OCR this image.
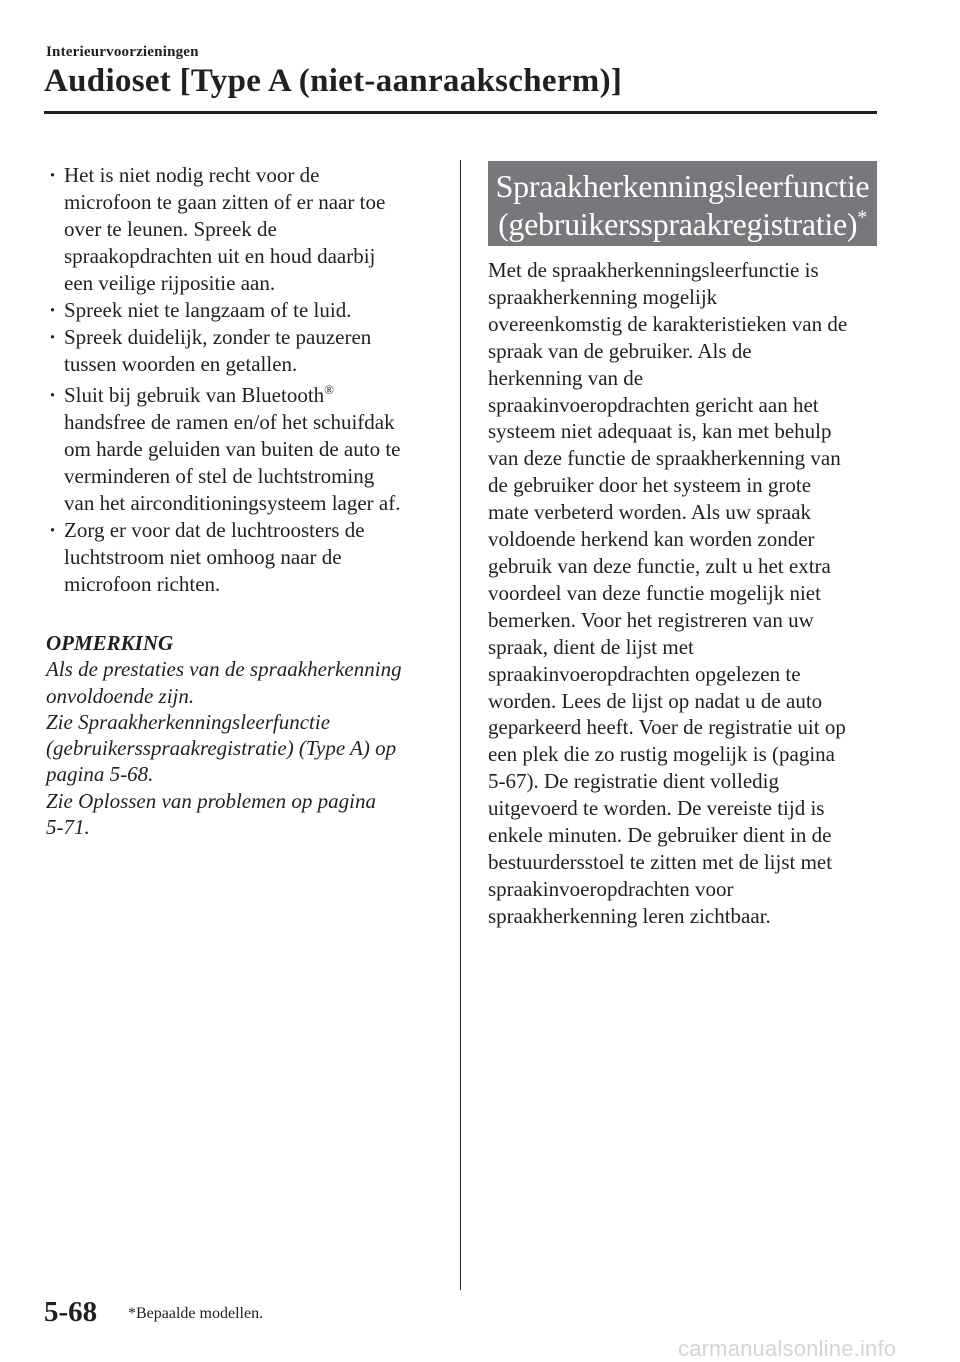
Interieurvoorzieningen
Audioset [Type A (niet-aanraakscherm)]
· Het is niet nodig recht voor de
microfoon te gaan zitten of er naar toe
over te leunen. Spreek de
spraakopdrachten uit en houd daarbij
een veilige rijpositie aan.
· Spreek niet te langzaam of te luid.
· Spreek duidelijk, zonder te pauzeren
tussen woorden en getallen.
· Sluit bij gebruik van Bluetooth®
handsfree de ramen en/of het schuifdak
om harde geluiden van buiten de auto te
verminderen of stel de luchtstroming
van het airconditioningsysteem lager af.
· Zorg er voor dat de luchtroosters de
luchtstroom niet omhoog naar de
microfoon richten.
OPMERKING
Als de prestaties van de spraakherkenning
onvoldoende zijn.
Zie Spraakherkenningsleerfunctie
(gebruikersspraakregistratie) (Type A) op
pagina 5-68.
Zie Oplossen van problemen op pagina
5-71.
Spraakherkenningsleerfunctie
(gebruikersspraakregistratie)*
Met de spraakherkenningsleerfunctie is
spraakherkenning mogelijk
overeenkomstig de karakteristieken van de
spraak van de gebruiker. Als de
herkenning van de
spraakinvoeropdrachten gericht aan het
systeem niet adequaat is, kan met behulp
van deze functie de spraakherkenning van
de gebruiker door het systeem in grote
mate verbeterd worden. Als uw spraak
voldoende herkend kan worden zonder
gebruik van deze functie, zult u het extra
voordeel van deze functie mogelijk niet
bemerken. Voor het registreren van uw
spraak, dient de lijst met
spraakinvoeropdrachten opgelezen te
worden. Lees de lijst op nadat u de auto
geparkeerd heeft. Voer de registratie uit op
een plek die zo rustig mogelijk is (pagina
5-67). De registratie dient volledig
uitgevoerd te worden. De vereiste tijd is
enkele minuten. De gebruiker dient in de
bestuurdersstoel te zitten met de lijst met
spraakinvoeropdrachten voor
spraakherkenning leren zichtbaar.
5-68 *Bepaalde modellen.
carmanualsonline.info
